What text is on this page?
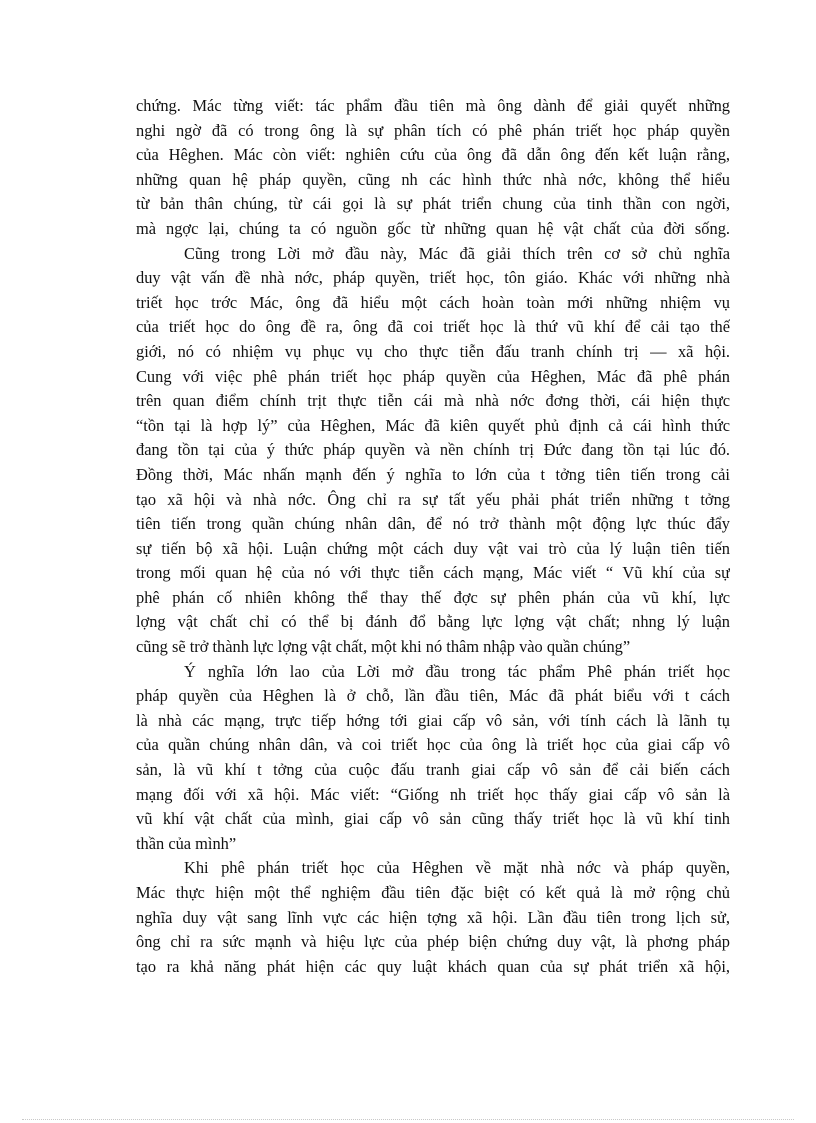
chứng. Mác từng viết: tác phẩm đầu tiên mà ông dành để giải quyết những
nghi ngờ đã có trong ông là sự phân tích có phê phán triết học pháp quyền
của Hêghen. Mác còn viết: nghiên cứu của ông đã dẫn ông đến kết luận rằng,
những quan hệ pháp quyền, cũng nh các hình thức nhà nớc, không thể hiểu
từ bản thân chúng, từ cái gọi là sự phát triển chung của tinh thần con ngời,
mà ngợc lại, chúng ta có nguồn gốc từ những quan hệ vật chất của đời sống.

Cũng trong Lời mở đầu này, Mác đã giải thích trên cơ sở chủ nghĩa
duy vật vấn đề nhà nớc, pháp quyền, triết học, tôn giáo. Khác với những nhà
triết học trớc Mác, ông đã hiểu một cách hoàn toàn mới những nhiệm vụ
của triết học do ông đề ra, ông đã coi triết học là thứ vũ khí để cải tạo thế
giới, nó có nhiệm vụ phục vụ cho thực tiễn đấu tranh chính trị — xã hội.
Cung với việc phê phán triết học pháp quyền của Hêghen, Mác đã phê phán
trên quan điểm chính trịt thực tiễn cái mà nhà nớc đơng thời, cái hiện thực
“tồn tại là hợp lý” của Hêghen, Mác đã kiên quyết phủ định cả cái hình thức
đang tồn tại của ý thức pháp quyền và nền chính trị Đức đang tồn tại lúc đó.
Đồng thời, Mác nhấn mạnh đến ý nghĩa to lớn của t tởng tiên tiến trong cải
tạo xã hội và nhà nớc. Ông chỉ ra sự tất yếu phải phát triển những t tởng
tiên tiến trong quần chúng nhân dân, để nó trở thành một động lực thúc đẩy
sự tiến bộ xã hội. Luận chứng một cách duy vật vai trò của lý luận tiên tiến
trong mối quan hệ của nó với thực tiễn cách mạng, Mác viết “ Vũ khí của sự
phê phán cố nhiên không thể thay thế đợc sự phên phán của vũ khí, lực
lợng vật chất chỉ có thể bị đánh đổ bằng lực lợng vật chất; nhng lý luận
cũng sẽ trở thành lực lợng vật chất, một khi nó thâm nhập vào quần chúng”

Ý nghĩa lớn lao của Lời mở đầu trong tác phẩm Phê phán triết học
pháp quyền của Hêghen là ở chỗ, lần đầu tiên, Mác đã phát biểu với t cách
là nhà các mạng, trực tiếp hớng tới giai cấp vô sản, với tính cách là lãnh tụ
của quần chúng nhân dân, và coi triết học của ông là triết học của giai cấp vô
sản, là vũ khí t tởng của cuộc đấu tranh giai cấp vô sản để cải biến cách
mạng đối với xã hội. Mác viết: “Giống nh triết học thấy giai cấp vô sản là
vũ khí vật chất của mình, giai cấp vô sản cũng thấy triết học là vũ khí tinh
thần của mình”

Khi phê phán triết học của Hêghen về mặt nhà nớc và pháp quyền,
Mác thực hiện một thể nghiệm đầu tiên đặc biệt có kết quả là mở rộng chủ
nghĩa duy vật sang lĩnh vực các hiện tợng xã hội. Lần đầu tiên trong lịch sử,
ông chỉ ra sức mạnh và hiệu lực của phép biện chứng duy vật, là phơng pháp
tạo ra khả năng phát hiện các quy luật khách quan của sự phát triển xã hội,
